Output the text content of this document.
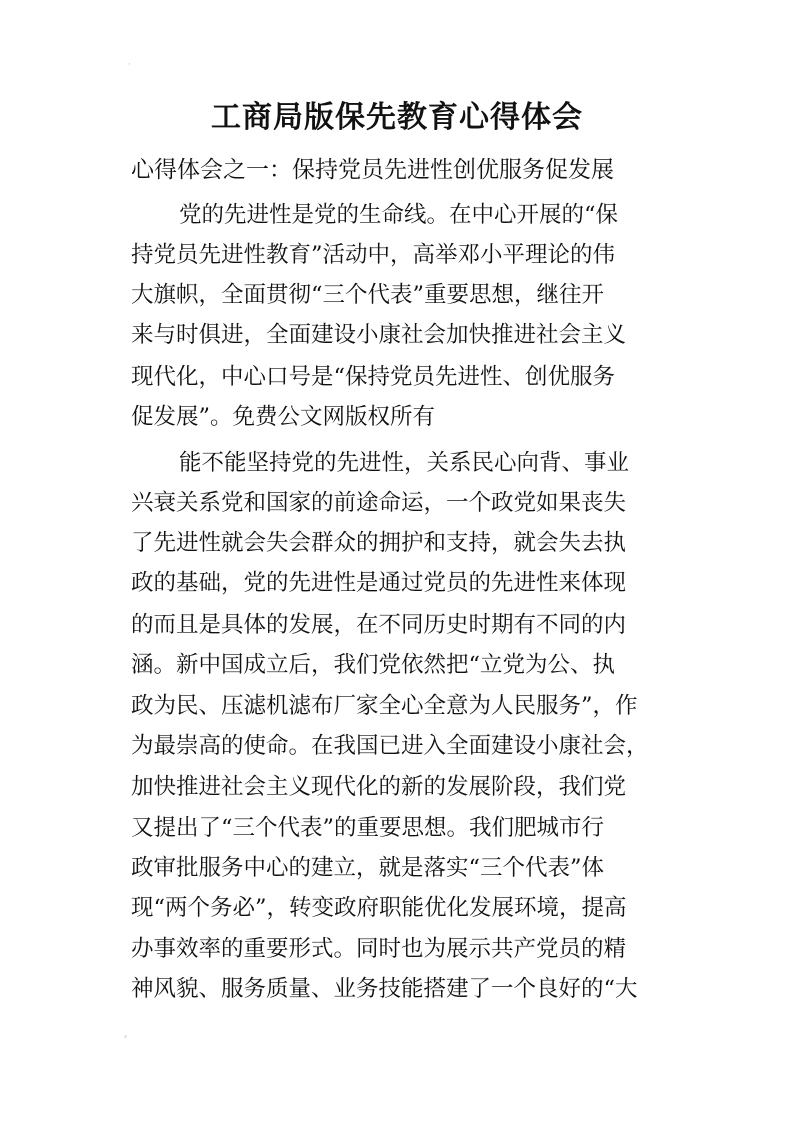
·
工商局版保先教育心得体会
心得体会之一：保持党员先进性创优服务促发展
党的先进性是党的生命线。在中心开展的“保
持党员先进性教育”活动中，高举邓小平理论的伟
大旗帜，全面贯彻“三个代表”重要思想，继往开
来与时俱进，全面建设小康社会加快推进社会主义
现代化，中心口号是“保持党员先进性、创优服务
促发展”。免费公文网版权所有
能不能坚持党的先进性，关系民心向背、事业
兴衰关系党和国家的前途命运，一个政党如果丧失
了先进性就会失会群众的拥护和支持，就会失去执
政的基础，党的先进性是通过党员的先进性来体现
的而且是具体的发展，在不同历史时期有不同的内
涵。新中国成立后，我们党依然把“立党为公、执
政为民、压滤机滤布厂家全心全意为人民服务”，作
为最崇高的使命。在我国已进入全面建设小康社会，
加快推进社会主义现代化的新的发展阶段，我们党
又提出了“三个代表”的重要思想。我们肥城市行
政审批服务中心的建立，就是落实“三个代表”体
现“两个务必”，转变政府职能优化发展环境，提高
办事效率的重要形式。同时也为展示共产党员的精
神风貌、服务质量、业务技能搭建了一个良好的“大
⸗
